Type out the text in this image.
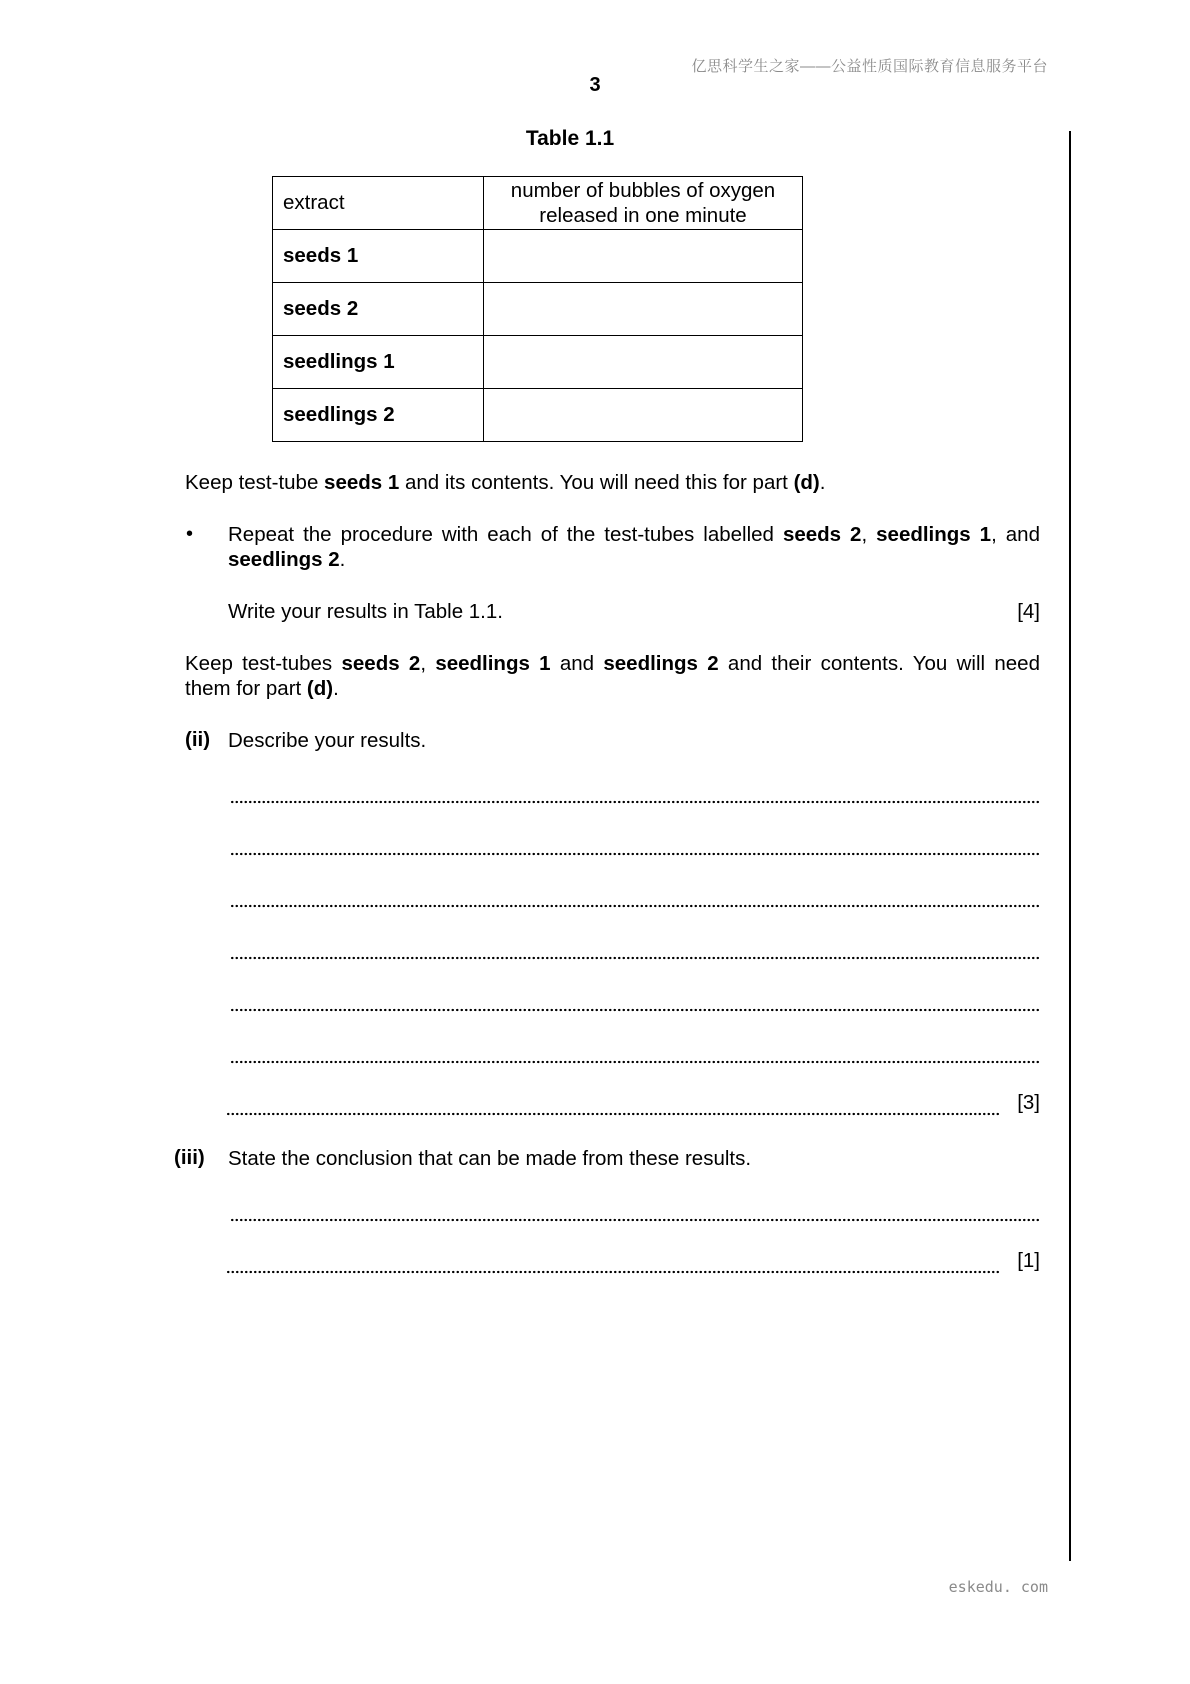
亿思科学生之家——公益性质国际教育信息服务平台
3
Table 1.1
extract	number of bubbles of oxygen released in one minute
seeds 1	
seeds 2	
seedlings 1	
seedlings 2	
Keep test-tube seeds 1 and its contents. You will need this for part (d).
• Repeat the procedure with each of the test-tubes labelled seeds 2, seedlings 1, and seedlings 2.
Write your results in Table 1.1.	[4]
Keep test-tubes seeds 2, seedlings 1 and seedlings 2 and their contents. You will need them for part (d).
(ii) Describe your results.
[3]
(iii) State the conclusion that can be made from these results.
[1]
eskedu. com
